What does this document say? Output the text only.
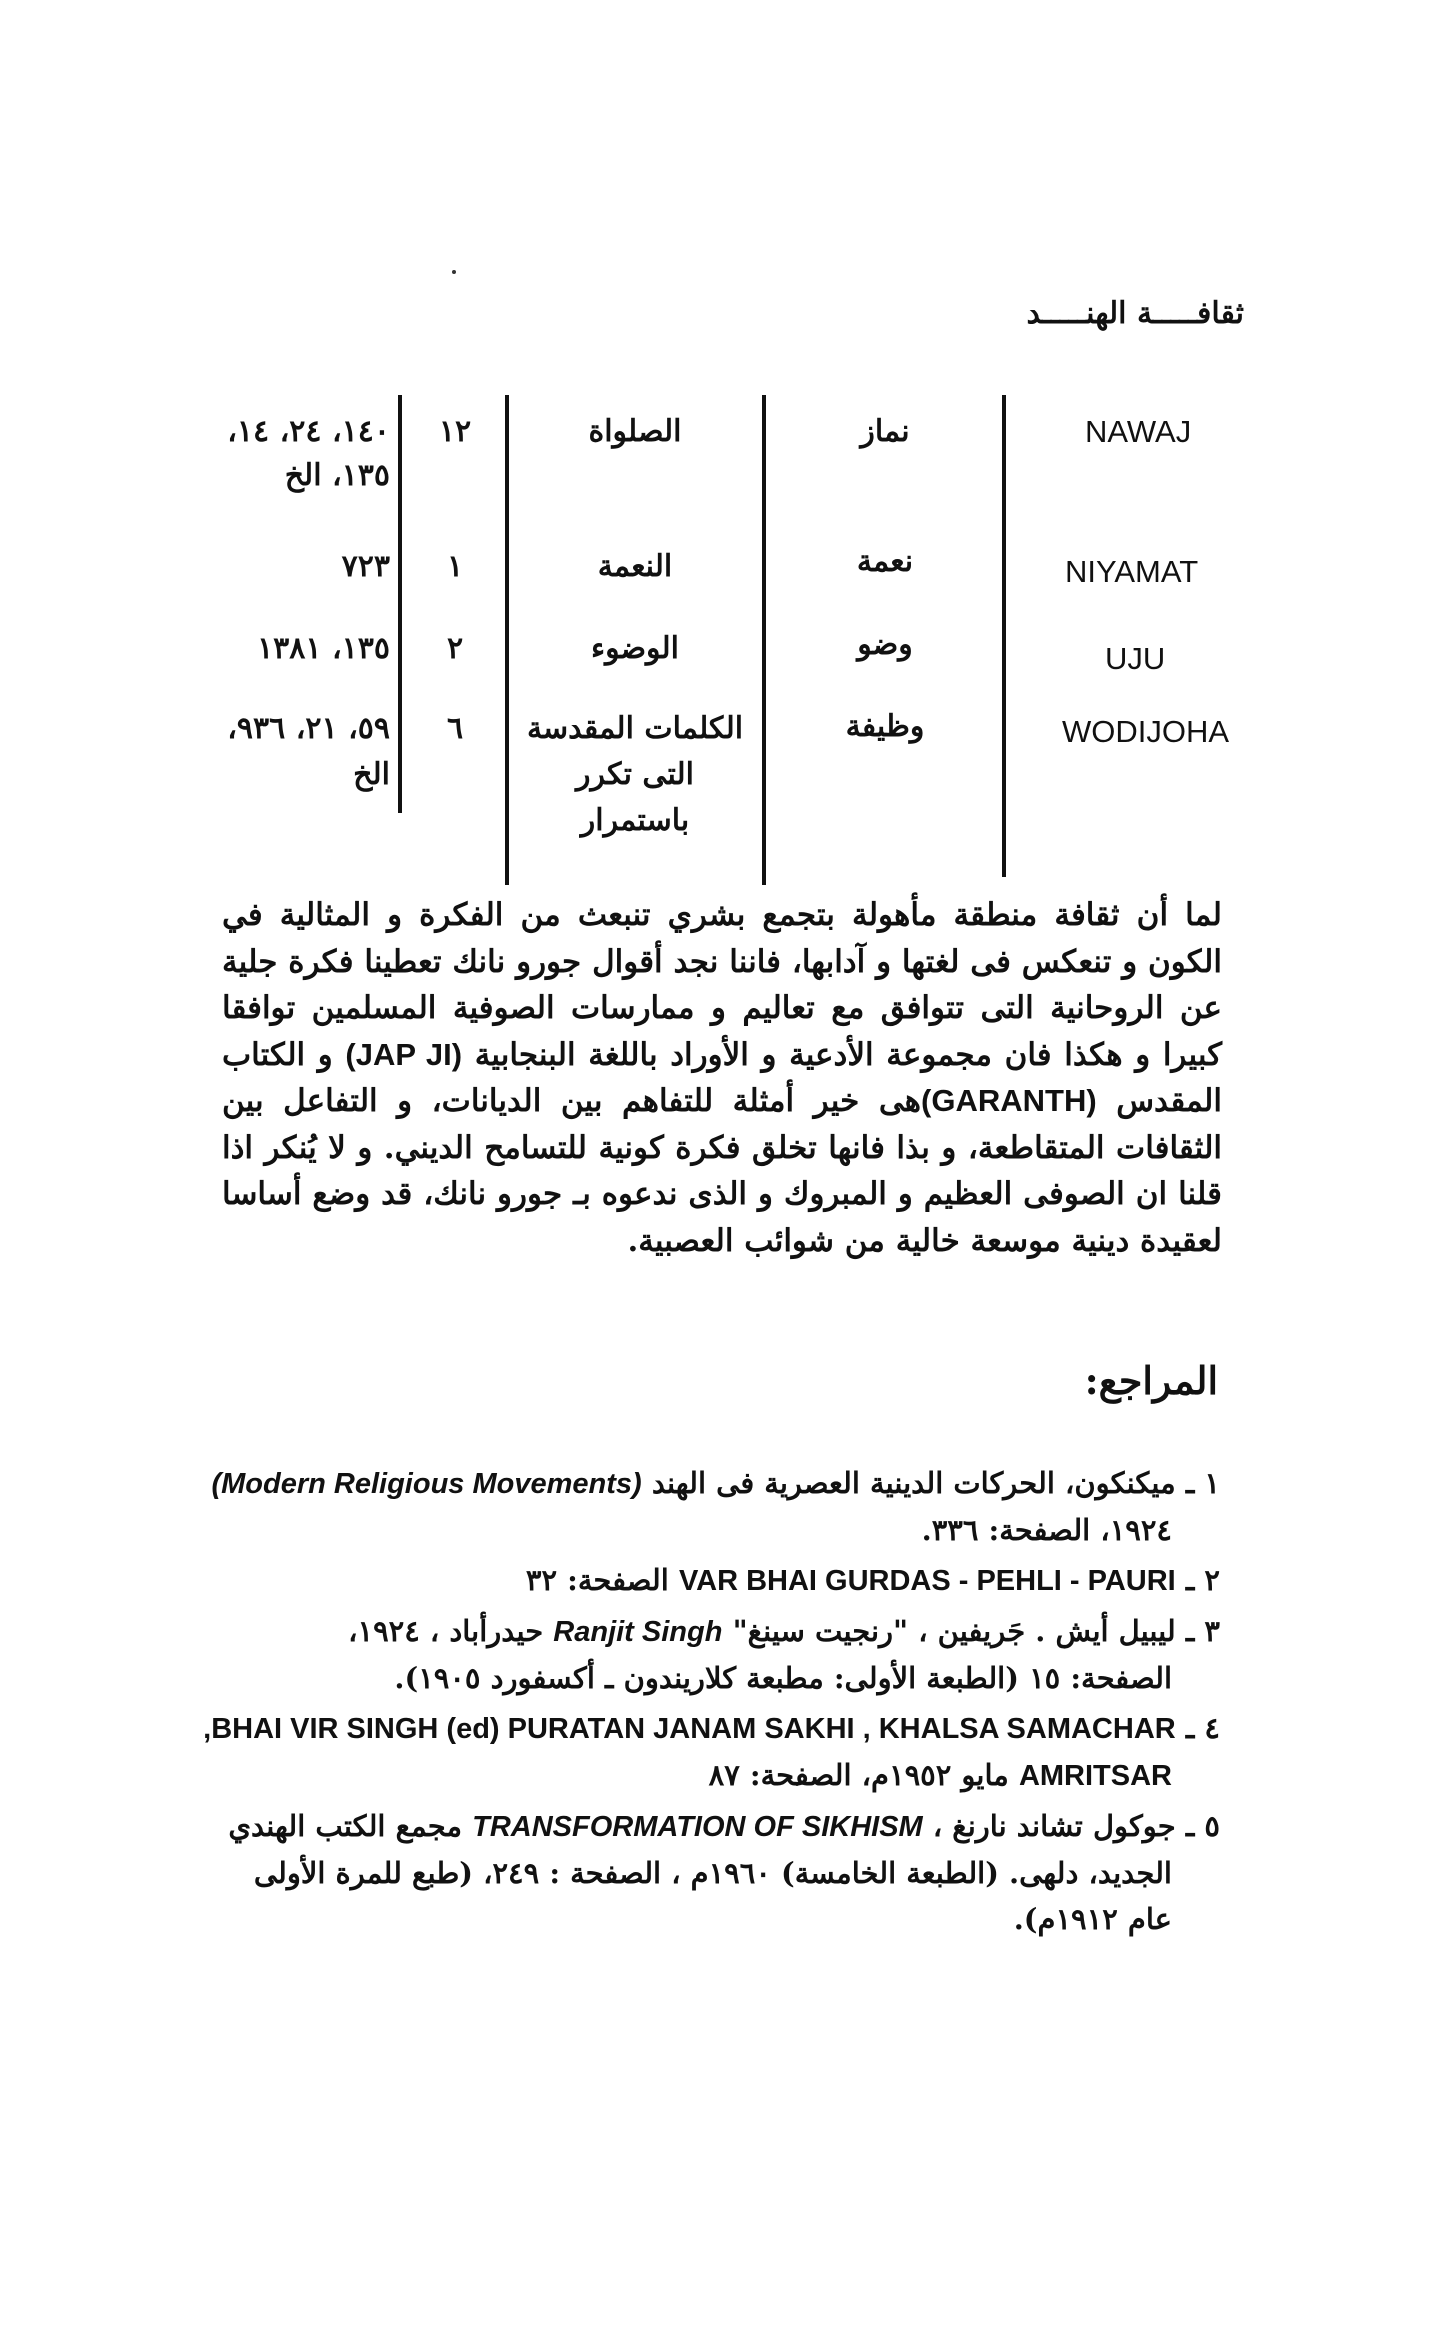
ثقافـــــة الهنـــــد
NAWAJ
نماز
الصلواة
١٢
١٤٠، ٢٤، ١٤،
١٣٥، الخ
NIYAMAT
نعمة
النعمة
١
٧٢٣
UJU
وضو
الوضوء
٢
١٣٥، ١٣٨١
WODIJOHA
وظيفة
الكلمات المقدسة
التى تكرر
باستمرار
٦
٥٩، ٢١، ٩٣٦،
الخ
لما أن ثقافة منطقة مأهولة بتجمع بشري تنبعث من الفكرة و المثالية في الكون و تنعكس فى لغتها و آدابها، فاننا نجد أقوال جورو نانك تعطينا فكرة جلية عن الروحانية التى تتوافق مع تعاليم و ممارسات الصوفية المسلمين توافقا كبيرا و هكذا فان مجموعة الأدعية و الأوراد باللغة البنجابية (JAP JI) و الكتاب المقدس (GARANTH)هى خير أمثلة للتفاهم بين الديانات، و التفاعل بين الثقافات المتقاطعة، و بذا فانها تخلق فكرة كونية للتسامح الديني. و لا يُنكر اذا قلنا ان الصوفى العظيم و المبروك و الذى ندعوه بـ جورو نانك، قد وضع أساسا لعقيدة دينية موسعة خالية من شوائب العصبية.
المراجع:
١ ـ ميكنكون، الحركات الدينية العصرية فى الهند (Modern Religious Movements)
١٩٢٤، الصفحة: ٣٣٦.
٢ ـ VAR BHAI GURDAS - PEHLI - PAURI الصفحة: ٣٢
٣ ـ ليبيل أيش . جَريفين ، "رنجيت سينغ" Ranjit Singh حيدرأباد ، ١٩٢٤،
الصفحة: ١٥ (الطبعة الأولى: مطبعة كلاريندون ـ أكسفورد ١٩٠٥).
٤ ـ BHAI VIR SINGH (ed) PURATAN JANAM SAKHI , KHALSA SAMACHAR,
AMRITSAR مايو ١٩٥٢م، الصفحة: ٨٧
٥ ـ جوكول تشاند نارنغ ، TRANSFORMATION OF SIKHISM مجمع الكتب الهندي
الجديد، دلهى. (الطبعة الخامسة) ١٩٦٠م ، الصفحة : ٢٤٩، (طبع للمرة الأولى عام ١٩١٢م).
